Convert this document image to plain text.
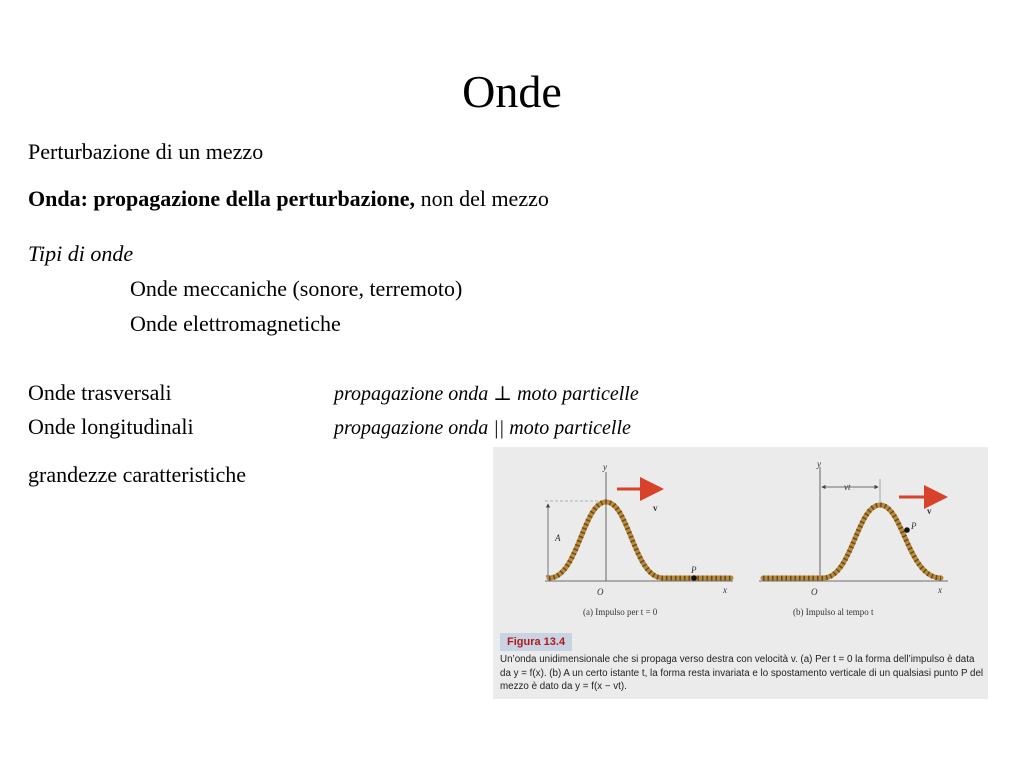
Onde
Perturbazione di un mezzo
Onda: propagazione della perturbazione, non del mezzo
Tipi di onde
Onde meccaniche (sonore, terremoto)
Onde elettromagnetiche
Onde trasversali	propagazione onda ⊥ moto particelle
Onde longitudinali	propagazione onda || moto particelle
grandezze caratteristiche	y
x
O
A
P
v
(a) Impulso per t = 0
y
x
O
vt
P
v
(b) Impulso al tempo t
Figura 13.4
Un’onda unidimensionale che si propaga verso destra con velocità v. (a) Per t = 0 la forma dell’impulso è data da y = f(x). (b) A un certo istante t, la forma resta invariata e lo spostamento verticale di un qualsiasi punto P del mezzo è dato da y = f(x − vt).
